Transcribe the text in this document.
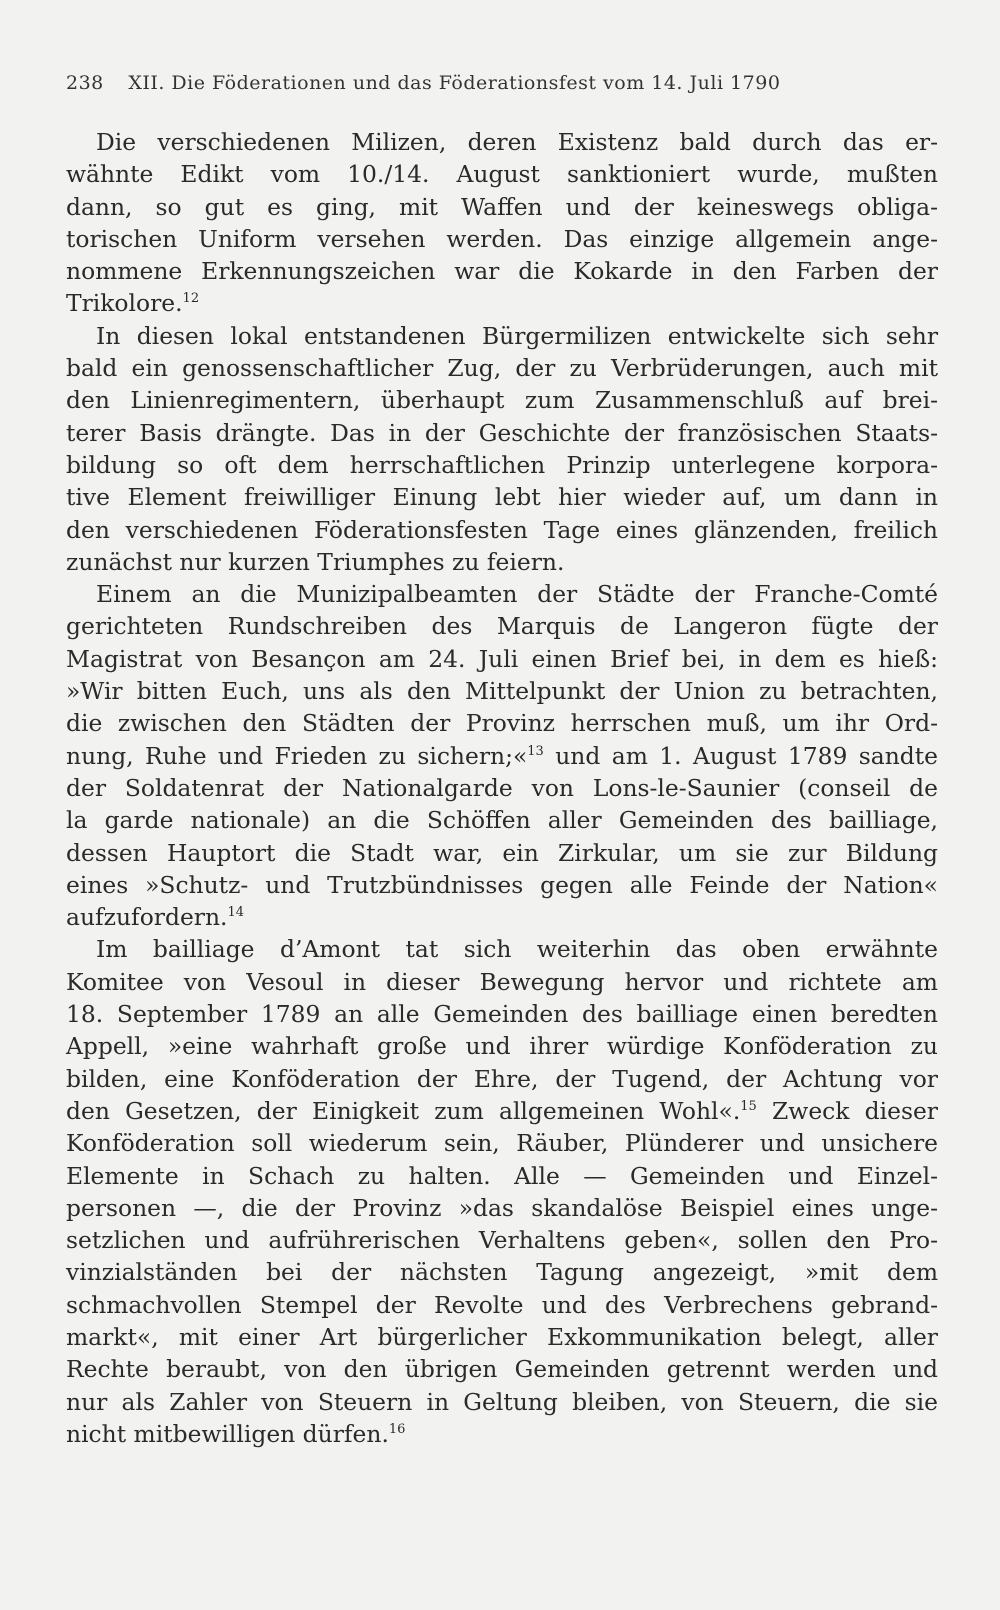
238 XII. Die Föderationen und das Föderationsfest vom 14. Juli 1790

Die verschiedenen Milizen, deren Existenz bald durch das er-
wähnte Edikt vom 10./14. August sanktioniert wurde, mußten
dann, so gut es ging, mit Waffen und der keineswegs obliga-
torischen Uniform versehen werden. Das einzige allgemein ange-
nommene Erkennungszeichen war die Kokarde in den Farben der
Trikolore.$^{12}$

In diesen lokal entstandenen Bürgermilizen entwickelte sich sehr
bald ein genossenschaftlicher Zug, der zu Verbrüderungen, auch mit
den Linienregimentern, überhaupt zum Zusammenschluß auf brei-
terer Basis drängte. Das in der Geschichte der französischen Staats-
bildung so oft dem herrschaftlichen Prinzip unterlegene korpora-
tive Element freiwilliger Einung lebt hier wieder auf, um dann in
den verschiedenen Föderationsfesten Tage eines glänzenden, freilich
zunächst nur kurzen Triumphes zu feiern.

Einem an die Munizipalbeamten der Städte der Franche-Comté
gerichteten Rundschreiben des Marquis de Langeron fügte der
Magistrat von Besançon am 24. Juli einen Brief bei, in dem es hieß:
»Wir bitten Euch, uns als den Mittelpunkt der Union zu betrachten,
die zwischen den Städten der Provinz herrschen muß, um ihr Ord-
nung, Ruhe und Frieden zu sichern;«$^{13}$ und am 1. August 1789 sandte
der Soldatenrat der Nationalgarde von Lons-le-Saunier (conseil de
la garde nationale) an die Schöffen aller Gemeinden des bailliage,
dessen Hauptort die Stadt war, ein Zirkular, um sie zur Bildung
eines »Schutz- und Trutzbündnisses gegen alle Feinde der Nation«
aufzufordern.$^{14}$

Im bailliage d’Amont tat sich weiterhin das oben erwähnte
Komitee von Vesoul in dieser Bewegung hervor und richtete am
18. September 1789 an alle Gemeinden des bailliage einen beredten
Appell, »eine wahrhaft große und ihrer würdige Konföderation zu
bilden, eine Konföderation der Ehre, der Tugend, der Achtung vor
den Gesetzen, der Einigkeit zum allgemeinen Wohl«.$^{15}$ Zweck dieser
Konföderation soll wiederum sein, Räuber, Plünderer und unsichere
Elemente in Schach zu halten. Alle — Gemeinden und Einzel-
personen —, die der Provinz »das skandalöse Beispiel eines unge-
setzlichen und aufrührerischen Verhaltens geben«, sollen den Pro-
vinzialständen bei der nächsten Tagung angezeigt, »mit dem
schmachvollen Stempel der Revolte und des Verbrechens gebrand-
markt«, mit einer Art bürgerlicher Exkommunikation belegt, aller
Rechte beraubt, von den übrigen Gemeinden getrennt werden und
nur als Zahler von Steuern in Geltung bleiben, von Steuern, die sie
nicht mitbewilligen dürfen.$^{16}$
